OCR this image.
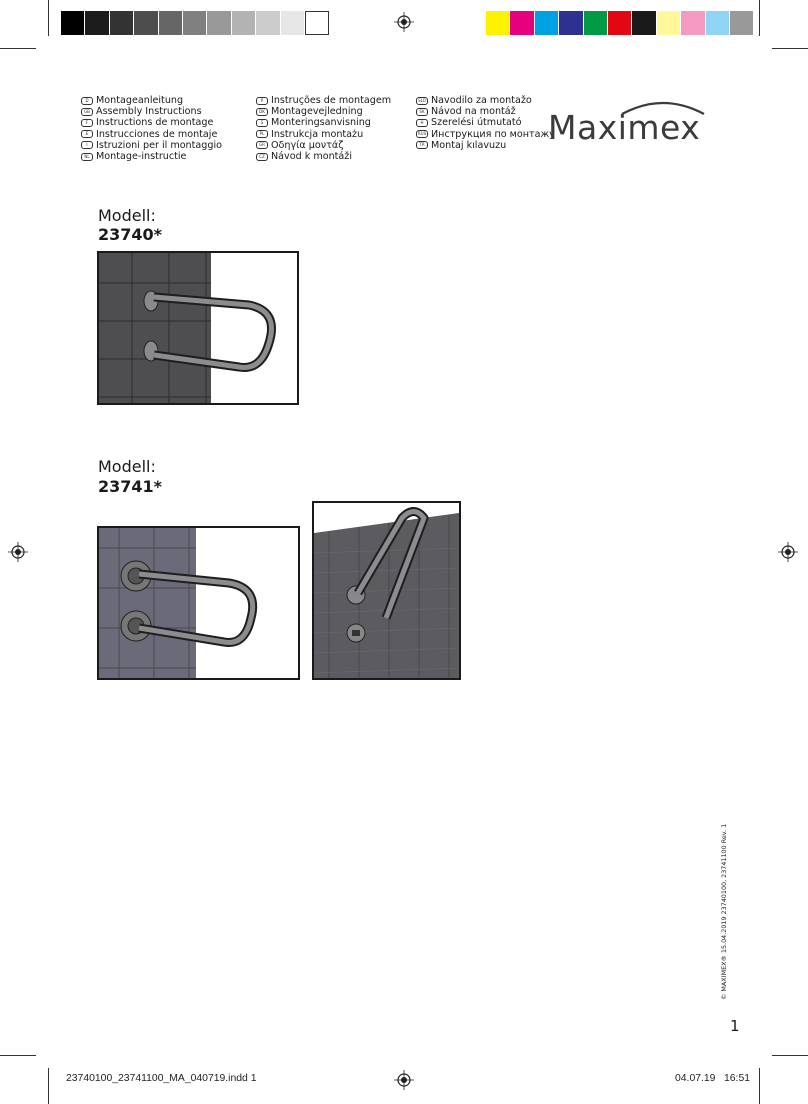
D Montageanleitung
GB Assembly Instructions
F Instructions de montage
E Instrucciones de montaje
I Istruzioni per il montaggio
NL Montage-instructie
P Instruções de montagem
DK Montagevejledning
S Monteringsanvisning
PL Instrukcja montażu
GR Οδηγία μοντάζ
CZ Návod k montáži
SLO Navodilo za montažo
SK Návod na montáž
H Szerelési útmutató
RUS Инструкция по монтажу
TR Montaj kılavuzu Maximex
Modell:
23740*
Modell:
23741*
© MAXIMEX® 15.04.2019 23740100, 23741100 Rev. 1
1
23740100_23741100_MA_040719.indd 1	04.07.19 16:51
